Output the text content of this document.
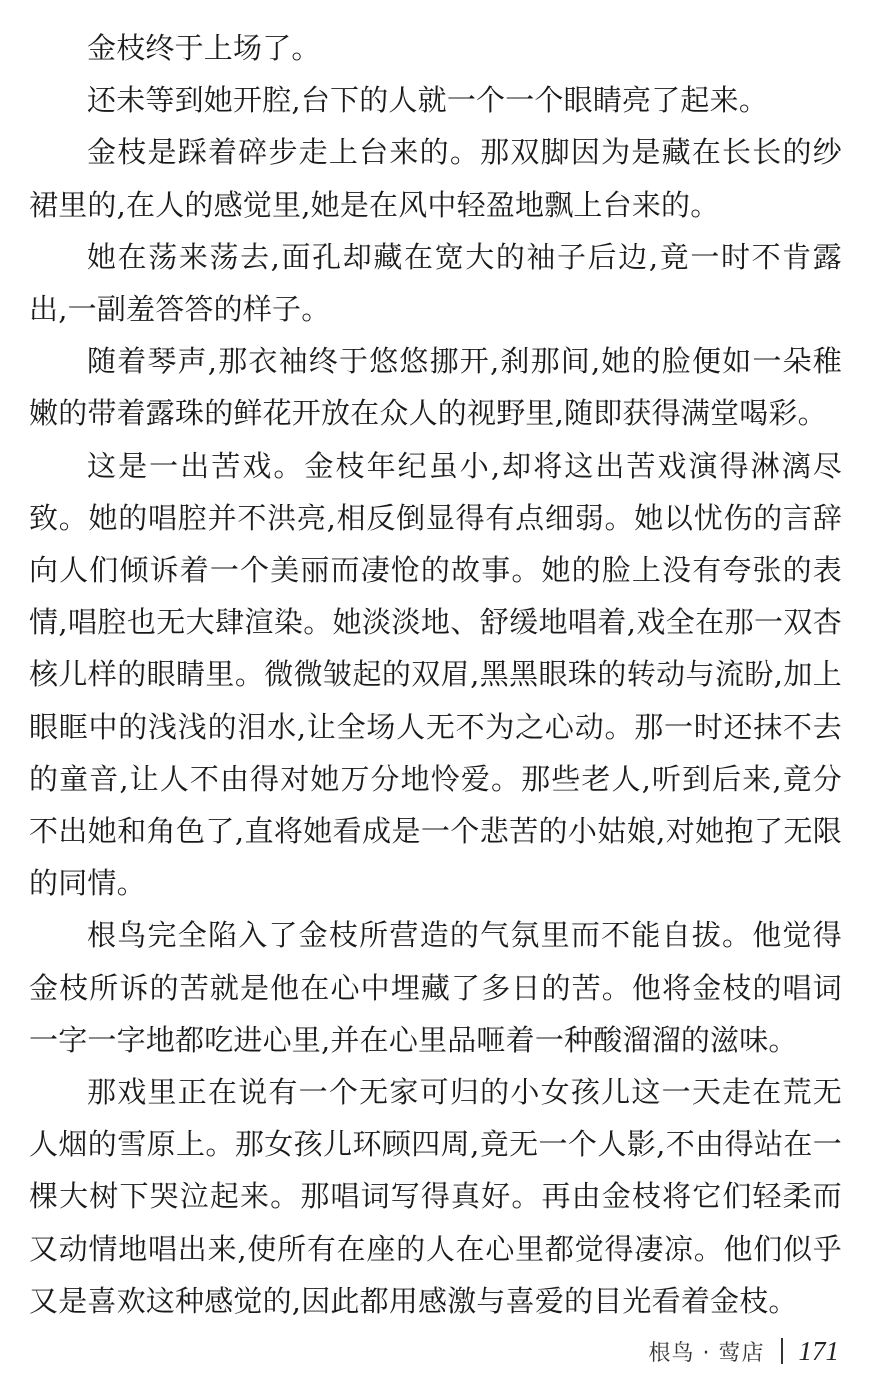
金枝终于上场了。

还未等到她开腔,台下的人就一个一个眼睛亮了起来。

金枝是踩着碎步走上台来的。那双脚因为是藏在长长的纱裙里的,在人的感觉里,她是在风中轻盈地飘上台来的。

她在荡来荡去,面孔却藏在宽大的袖子后边,竟一时不肯露出,一副羞答答的样子。

随着琴声,那衣袖终于悠悠挪开,刹那间,她的脸便如一朵稚嫩的带着露珠的鲜花开放在众人的视野里,随即获得满堂喝彩。

这是一出苦戏。金枝年纪虽小,却将这出苦戏演得淋漓尽致。她的唱腔并不洪亮,相反倒显得有点细弱。她以忧伤的言辞向人们倾诉着一个美丽而凄怆的故事。她的脸上没有夸张的表情,唱腔也无大肆渲染。她淡淡地、舒缓地唱着,戏全在那一双杏核儿样的眼睛里。微微皱起的双眉,黑黑眼珠的转动与流盼,加上眼眶中的浅浅的泪水,让全场人无不为之心动。那一时还抹不去的童音,让人不由得对她万分地怜爱。那些老人,听到后来,竟分不出她和角色了,直将她看成是一个悲苦的小姑娘,对她抱了无限的同情。

根鸟完全陷入了金枝所营造的气氛里而不能自拔。他觉得金枝所诉的苦就是他在心中埋藏了多日的苦。他将金枝的唱词一字一字地都吃进心里,并在心里品咂着一种酸溜溜的滋味。

那戏里正在说有一个无家可归的小女孩儿这一天走在荒无人烟的雪原上。那女孩儿环顾四周,竟无一个人影,不由得站在一棵大树下哭泣起来。那唱词写得真好。再由金枝将它们轻柔而又动情地唱出来,使所有在座的人在心里都觉得凄凉。他们似乎又是喜欢这种感觉的,因此都用感激与喜爱的目光看着金枝。

根鸟 · 莺店 171
